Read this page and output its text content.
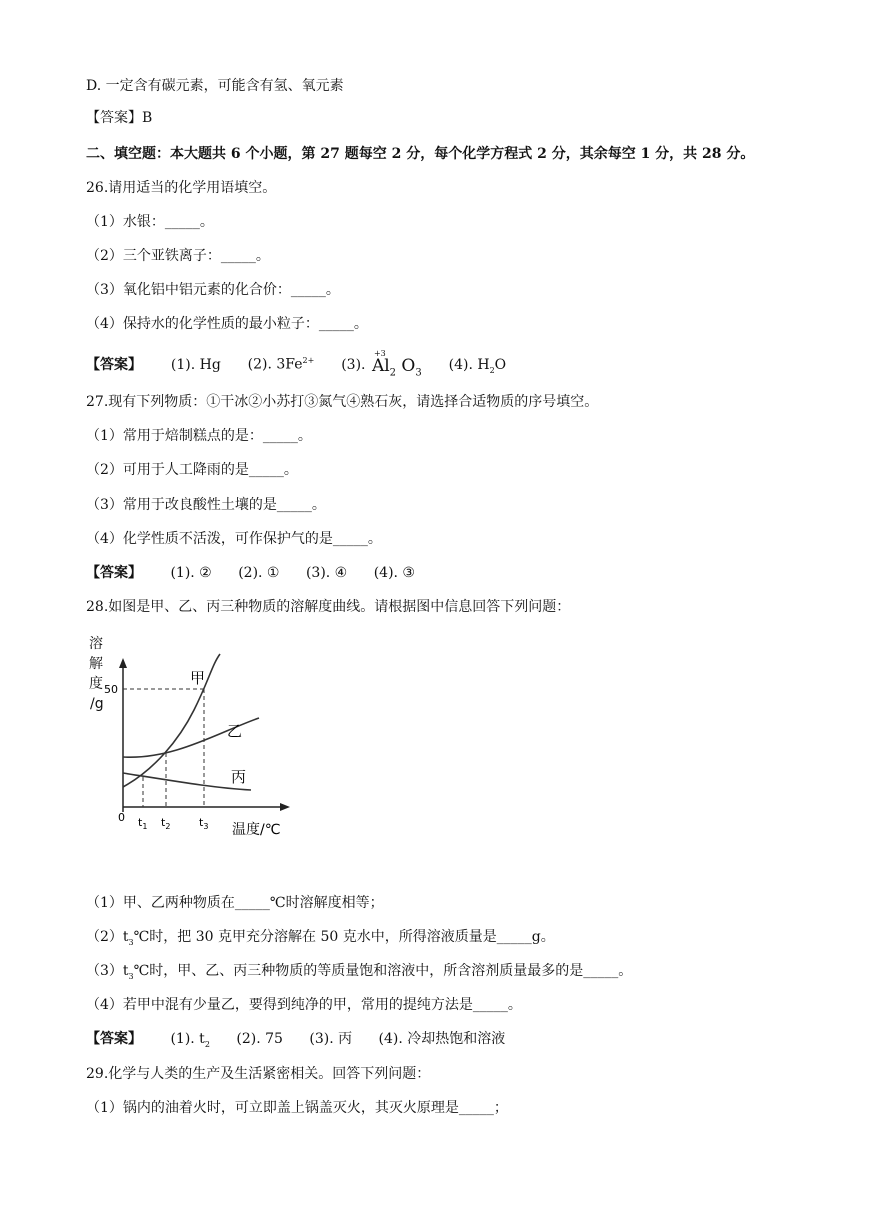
D. 一定含有碳元素，可能含有氢、氧元素
【答案】B
二、填空题：本大题共 6 个小题，第 27 题每空 2 分，每个化学方程式 2 分，其余每空 1 分，共 28 分。
26.请用适当的化学用语填空。
（1）水银：_____。
（2）三个亚铁离子：_____。
（3）氧化铝中铝元素的化合价：_____。
（4）保持水的化学性质的最小粒子：_____。
【答案】 (1). Hg (2). $3Fe^{2+}$ (3).
+3
$Al_2$ $O_3$ (4). $H_2O$
27.现有下列物质：①干冰②小苏打③氮气④熟石灰，请选择合适物质的序号填空。
（1）常用于焙制糕点的是：_____。
（2）可用于人工降雨的是_____。
（3）常用于改良酸性土壤的是_____。
（4）化学性质不活泼，可作保护气的是_____。
【答案】 (1). ② (2). ① (3). ④ (4). ③
28.如图是甲、乙、丙三种物质的溶解度曲线。请根据图中信息回答下列问题：
溶
解
度
/g
0
50
甲
乙
丙
$t_1$ $t_2$	$t_3$ 温度/℃
（1）甲、乙两种物质在_____℃时溶解度相等；
$(2)t_3℃$时，把 30 克甲充分溶解在 50 克水中，所得溶液质量是_____g。
$(3)t_3℃$时，甲、乙、丙三种物质的等质量饱和溶液中，所含溶剂质量最多的是_____。
（4）若甲中混有少量乙，要得到纯净的甲，常用的提纯方法是_____。
【答案】 (1). $t_2$ (2). 75 (3). 丙 (4). 冷却热饱和溶液
29.化学与人类的生产及生活紧密相关。回答下列问题：
（1）锅内的油着火时，可立即盖上锅盖灭火，其灭火原理是_____；
